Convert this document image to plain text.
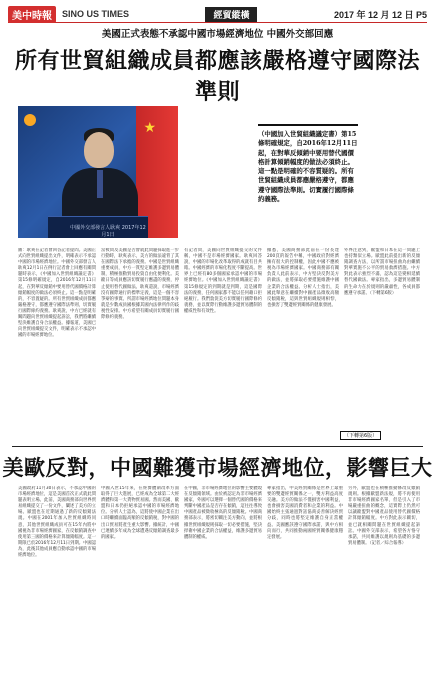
美中時報	SINO US TIMES	經貿縱橫	2017 年 12 月 12 日 P5
美國正式表態不承認中國市場經濟地位 中國外交部回應
所有世貿組織成員都應該嚴格遵守國際法準則
★
中國外交部發言人耿爽 2017年12月1日
（中國加入世貿組織議定書）第15條明確規定，自2016年12月11日起，在對華反傾銷中要用替代國價格計算傾銷幅度的做法必須終止。這一點是明確的不容質疑的。所有世貿組織成員都應嚴格遵守，都應遵守國際法準則。切實履行國際條約義務。
圖：耿爽在記者會回答記者提問。美國正式向世貿組織提出文件，明確表示不承認中國的市場經濟地位。中國外交部發言人耿爽12月1日在例行記者會上回應有關問題時表示，《中國加入世貿組織議定書》第15條明確規定，自2016年12月11日起，在對華反傾銷中要用替代國價格計算傾銷幅度的做法必須終止。這一點是明確的，不容置疑的。所有世貿組織成員都應嚴格遵守，都應遵守國際法準則，切實履行國際條約義務。耿爽說，中方已經就有關問題向世貿組織提起訴訟，我們將繼續堅決維護自身合法權益。據報道，美國已向世貿組織提交文件，明確表示不承認中國的市場經濟地位。
當被問及美國是否會就此問題採取進一步行動時，耿爽表示，美方的做法違背了其在國際法下承擔的義務。中國是世貿組織重要成員，中方一貫堅定維護多邊貿易體制，積極推動貿易投資自由化便利化。美歐日等成員應該切實履行應盡的義務，停止使用替代國做法。耿爽還說，市場經濟沒有國際通行的標準定義，這是一個不容爭辯的事實。所謂市場經濟地位問題本身就是少數成員國根據其國內法律所作的歧視性安排。中方希望有關成員切實履行國際條約義務。
有記者問，美國向世貿組織提交的文件稱，中國不是市場經濟國家。耿爽回答說，中國的市場化改革取得的成就有目共睹。中國經濟的市場化程度不斷提高。世界上已經有80多個國家承認中國的市場經濟地位。《中國加入世貿組織議定書》第15條規定的到期就是到期，這是國際法的義務，任何國家都不能以任何藉口拒絕履行。我們敦促美方切實履行國際條約義務，並以實際行動維護多邊貿易體制的權威性和有效性。
據悉，美國商務部此前在一份長達200頁的報告中稱，中國政府對經濟擁有很大的控制權，因此中國不應被視為市場經濟國家。中國商務部有關負責人此前表示，中方堅決反對美方的做法，並將採取必要措施維護中國企業的合法權益。分析人士指出，美國此舉意在繼續對中國產品徵收高額反傾銷稅，這與世貿組織規則相悖，也損害了雙邊經貿關係的健康發展。
外界注意到，歐盟和日本在這一問題上也持類似立場。歐盟此前提出新的反傾銷調查方法，以所謂市場扭曲為由繼續對華實施不公平的貿易救濟措施。中方對此表示強烈不滿，認為這是變相延續替代國做法。專家指出，多邊貿易體制的生命力在於規則的嚴肅性，各成員都應遵守承諾。（下轉第6版）
（下轉第6版）
美歐反對，中國難獲市場經濟地位，影響巨大
美國政府11月30日表示，不承認中國的市場經濟地位，這是美國首次正式就此問題表明立場。此前，美國商務部向世界貿易組織提交了一份文件，闡述了美方的立場。歐盟也在近期通過了新的反傾銷法規。中國在2001年加入世貿組織時同意，其他世貿組織成員可在15年內將中國視為非市場經濟國家，在反傾銷調查中使用第三國的價格來計算傾銷幅度。這一期限已於2016年12月11日到期。中國認為，此後其他成員應自動承認中國的市場經濟地位。
中國入世15年來，在經濟體制改革方面取得了巨大進展，已經成為全球第二大經濟體和第一大貨物貿易國。然而美國、歐盟和日本仍拒絕承認中國的市場經濟地位。分析人士認為，這將使中國企業在出口時繼續面臨高額的反傾銷稅，對中國的出口貿易將產生重大影響。據統計，中國已連續多年成為全球遭遇反傾銷調查最多的國家。
在中國，非市場經濟地位的影響主要體現在反傾銷領域。由於被認定為非市場經濟國家，外國可以選擇一個替代國的價格來判斷中國產品是否存在傾銷，這往往導致中國產品被徵收極高的反傾銷稅。中國商務部表示，將密切關注美方動向，並將根據世貿組織規則採取一切必要措施，堅決捍衛中國企業的合法權益，維護多邊貿易體制的權威。
專家指出，中美經貿關係是世界上最重要的雙邊經貿關係之一，雙方利益高度交融。美方的做法不僅損害中國利益，也會損害美國消費者和企業的利益。中國始終主張通過對話協商妥善解決經貿分歧，同時也將堅定維護自身正當權益。美國應該遵守國際承諾，與中方相向而行，共同推動兩國經貿關係健康穩定發展。
另外，歐盟也在積極推動修改反傾銷規則。根據歐盟新法規，將不再使用非市場經濟國家名單，但是引入了市場嚴重扭曲的概念，這實際上仍然可以讓歐盟對中國產品使用替代國價格計算傾銷幅度。中方對此表示關切，並已就相關問題在世貿組織提起訴訟。中國外交部表示，希望各方恪守承諾，共同維護以規則為基礎的多邊貿易體制。（記者／綜合報導）
